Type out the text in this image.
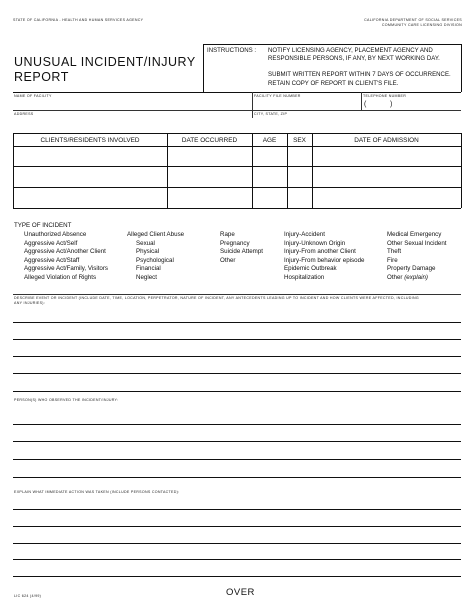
STATE OF CALIFORNIA - HEALTH AND HUMAN SERVICES AGENCY	CALIFORNIA DEPARTMENT OF SOCIAL SERVICES
COMMUNITY CARE LICENSING DIVISION
UNUSUAL INCIDENT/INJURY
REPORT
INSTRUCTIONS : NOTIFY LICENSING AGENCY, PLACEMENT AGENCY AND
RESPONSIBLE PERSONS, IF ANY, BY NEXT WORKING DAY.
SUBMIT WRITTEN REPORT WITHIN 7 DAYS OF OCCURRENCE.
RETAIN COPY OF REPORT IN CLIENT'S FILE.
NAME OF FACILITY	FACILITY FILE NUMBER	TELEPHONE NUMBER
(	)
ADDRESS	CITY, STATE, ZIP
CLIENTS/RESIDENTS INVOLVED	DATE OCCURRED	AGE	SEX	DATE OF ADMISSION
TYPE OF INCIDENT
Unauthorized Absence
Aggressive Act/Self
Aggressive Act/Another Client
Aggressive Act/Staff
Aggressive Act/Family, Visitors
Alleged Violation of Rights
Alleged Client Abuse
Sexual
Physical
Psychological
Financial
Neglect
Rape
Pregnancy
Suicide Attempt
Other
Injury-Accident
Injury-Unknown Origin
Injury-From another Client
Injury-From behavior episode
Epidemic Outbreak
Hospitalization
Medical Emergency
Other Sexual Incident
Theft
Fire
Property Damage
Other (explain)
DESCRIBE EVENT OR INCIDENT (INCLUDE DATE, TIME, LOCATION, PERPETRATOR, NATURE OF INCIDENT, ANY ANTECEDENTS LEADING UP TO INCIDENT AND HOW CLIENTS WERE AFFECTED, INCLUDING
ANY INJURIES):
PERSON(S) WHO OBSERVED THE INCIDENT/INJURY:
EXPLAIN WHAT IMMEDIATE ACTION WAS TAKEN (INCLUDE PERSONS CONTACTED):
LIC 624 (4/99)	OVER
